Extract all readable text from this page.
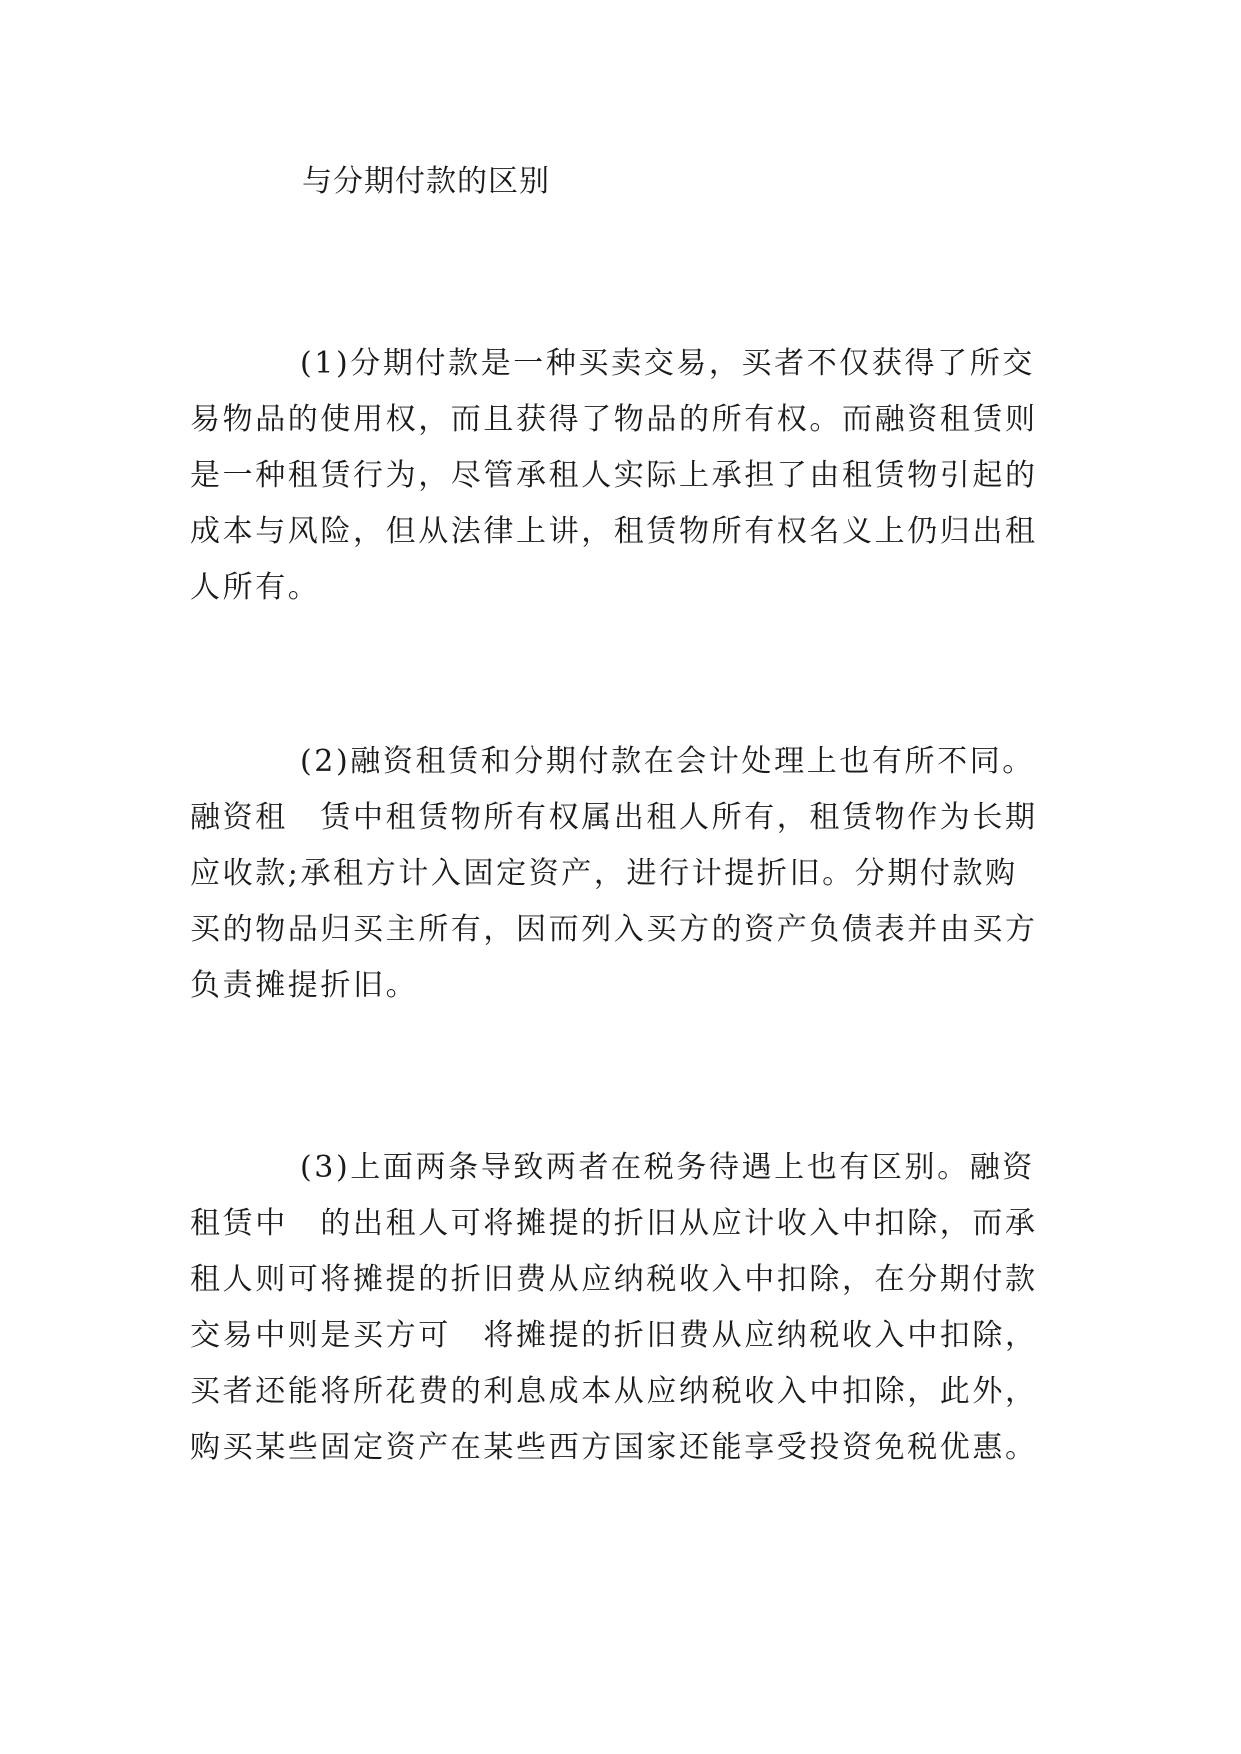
与分期付款的区别
(1)分期付款是一种买卖交易，买者不仅获得了所交
易物品的使用权，而且获得了物品的所有权。而融资租赁则
是一种租赁行为，尽管承租人实际上承担了由租赁物引起的
成本与风险，但从法律上讲，租赁物所有权名义上仍归出租
人所有。
(2)融资租赁和分期付款在会计处理上也有所不同。
融资租　赁中租赁物所有权属出租人所有，租赁物作为长期
应收款;承租方计入固定资产，进行计提折旧。分期付款购
买的物品归买主所有，因而列入买方的资产负债表并由买方
负责摊提折旧。
(3)上面两条导致两者在税务待遇上也有区别。融资
租赁中　的出租人可将摊提的折旧从应计收入中扣除，而承
租人则可将摊提的折旧费从应纳税收入中扣除，在分期付款
交易中则是买方可　将摊提的折旧费从应纳税收入中扣除，
买者还能将所花费的利息成本从应纳税收入中扣除，此外，
购买某些固定资产在某些西方国家还能享受投资免税优惠。
